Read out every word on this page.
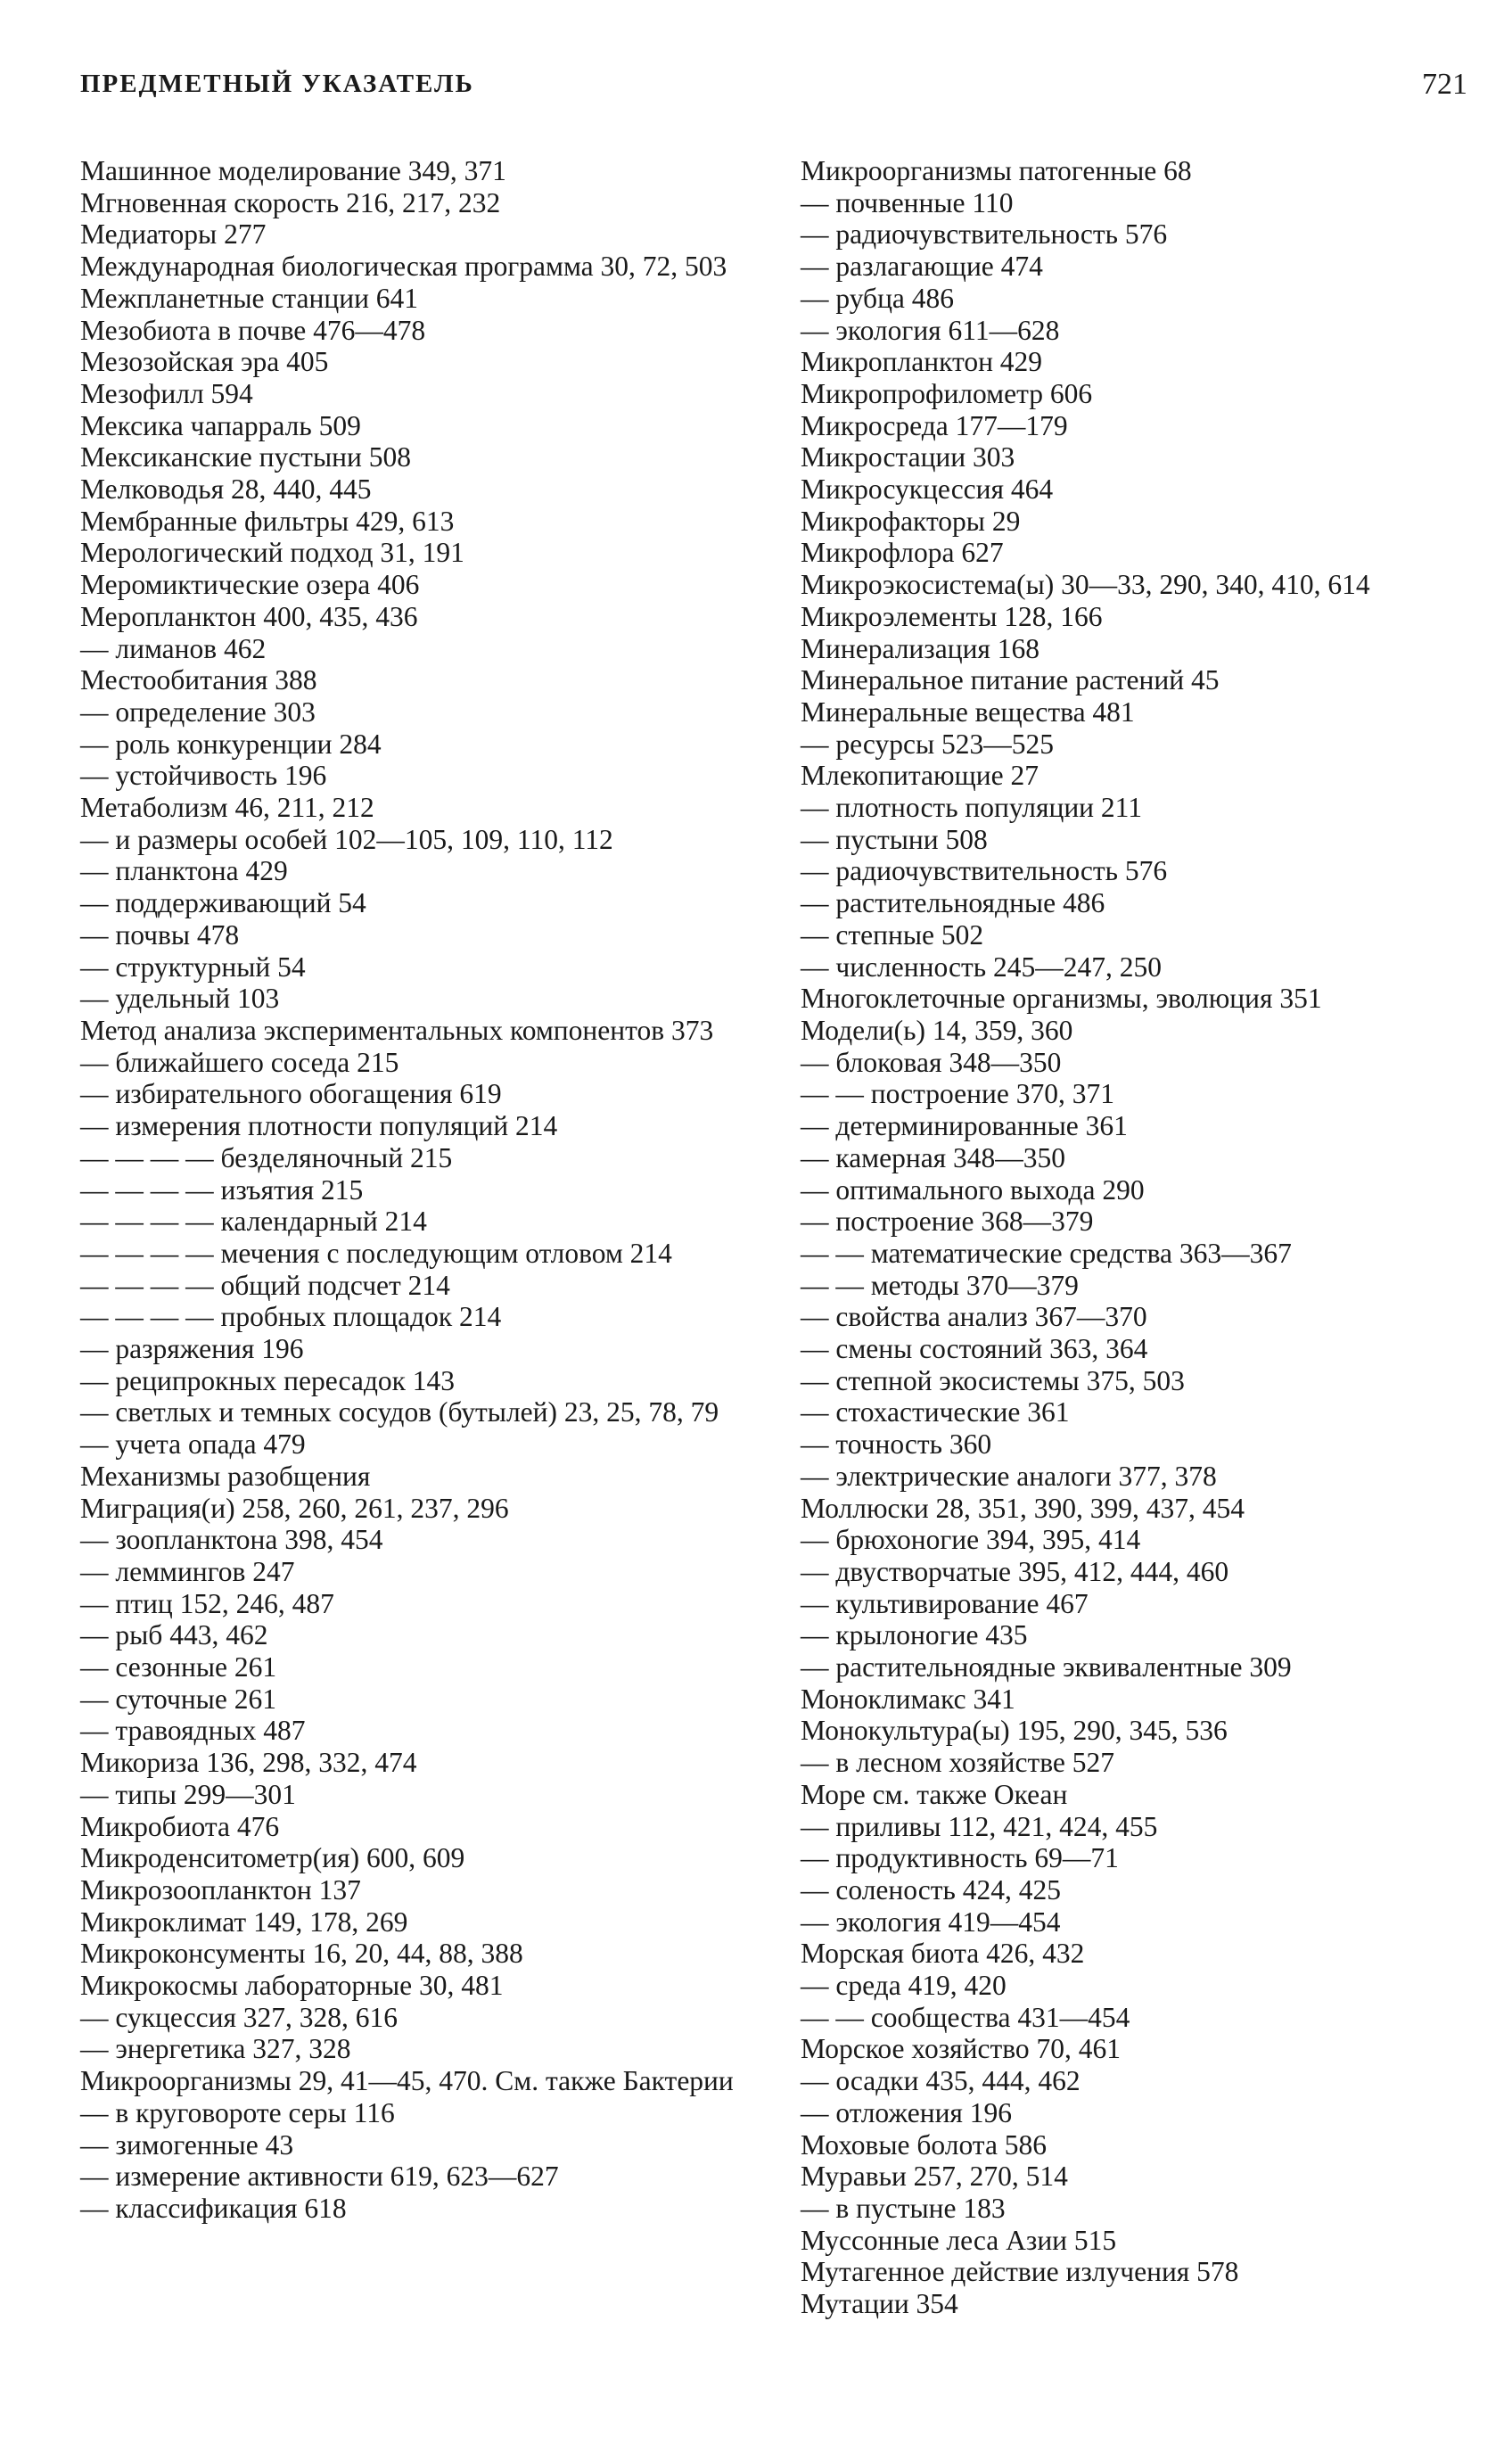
ПРЕДМЕТНЫЙ УКАЗАТЕЛЬ	721
Машинное моделирование 349, 371
Мгновенная скорость 216, 217, 232
Медиаторы 277
Международная биологическая программа 30, 72, 503
Межпланетные станции 641
Мезобиота в почве 476—478
Мезозойская эра 405
Мезофилл 594
Мексика чапарраль 509
Мексиканские пустыни 508
Мелководья 28, 440, 445
Мембранные фильтры 429, 613
Мерологический подход 31, 191
Меромиктические озера 406
Меропланктон 400, 435, 436
— лиманов 462
Местообитания 388
— определение 303
— роль конкуренции 284
— устойчивость 196
Метаболизм 46, 211, 212
— и размеры особей 102—105, 109, 110, 112
— планктона 429
— поддерживающий 54
— почвы 478
— структурный 54
— удельный 103
Метод анализа экспериментальных компонентов 373
— ближайшего соседа 215
— избирательного обогащения 619
— измерения плотности популяций 214
— — — — безделяночный 215
— — — — изъятия 215
— — — — календарный 214
— — — — мечения с последующим отловом 214
— — — — общий подсчет 214
— — — — пробных площадок 214
— разряжения 196
— реципрокных пересадок 143
— светлых и темных сосудов (бутылей) 23, 25, 78, 79
— учета опада 479
Механизмы разобщения
Миграция(и) 258, 260, 261, 237, 296
— зоопланктона 398, 454
— леммингов 247
— птиц 152, 246, 487
— рыб 443, 462
— сезонные 261
— суточные 261
— травоядных 487
Микориза 136, 298, 332, 474
— типы 299—301
Микробиота 476
Микроденситометр(ия) 600, 609
Микрозоопланктон 137
Микроклимат 149, 178, 269
Микроконсументы 16, 20, 44, 88, 388
Микрокосмы лабораторные 30, 481
— сукцессия 327, 328, 616
— энергетика 327, 328
Микроорганизмы 29, 41—45, 470. См. также Бактерии
— в круговороте серы 116
— зимогенные 43
— измерение активности 619, 623—627
— классификация 618
Микроорганизмы патогенные 68
— почвенные 110
— радиочувствительность 576
— разлагающие 474
— рубца 486
— экология 611—628
Микропланктон 429
Микропрофилометр 606
Микросреда 177—179
Микростации 303
Микросукцессия 464
Микрофакторы 29
Микрофлора 627
Микроэкосистема(ы) 30—33, 290, 340, 410, 614
Микроэлементы 128, 166
Минерализация 168
Минеральное питание растений 45
Минеральные вещества 481
— ресурсы 523—525
Млекопитающие 27
— плотность популяции 211
— пустыни 508
— радиочувствительность 576
— растительноядные 486
— степные 502
— численность 245—247, 250
Многоклеточные организмы, эволюция 351
Модели(ь) 14, 359, 360
— блоковая 348—350
— — построение 370, 371
— детерминированные 361
— камерная 348—350
— оптимального выхода 290
— построение 368—379
— — математические средства 363—367
— — методы 370—379
— свойства анализ 367—370
— смены состояний 363, 364
— степной экосистемы 375, 503
— стохастические 361
— точность 360
— электрические аналоги 377, 378
Моллюски 28, 351, 390, 399, 437, 454
— брюхоногие 394, 395, 414
— двустворчатые 395, 412, 444, 460
— культивирование 467
— крылоногие 435
— растительноядные эквивалентные 309
Моноклимакс 341
Монокультура(ы) 195, 290, 345, 536
— в лесном хозяйстве 527
Море см. также Океан
— приливы 112, 421, 424, 455
— продуктивность 69—71
— соленость 424, 425
— экология 419—454
Морская биота 426, 432
— среда 419, 420
— — сообщества 431—454
Морское хозяйство 70, 461
— осадки 435, 444, 462
— отложения 196
Моховые болота 586
Муравьи 257, 270, 514
— в пустыне 183
Муссонные леса Азии 515
Мутагенное действие излучения 578
Мутации 354
